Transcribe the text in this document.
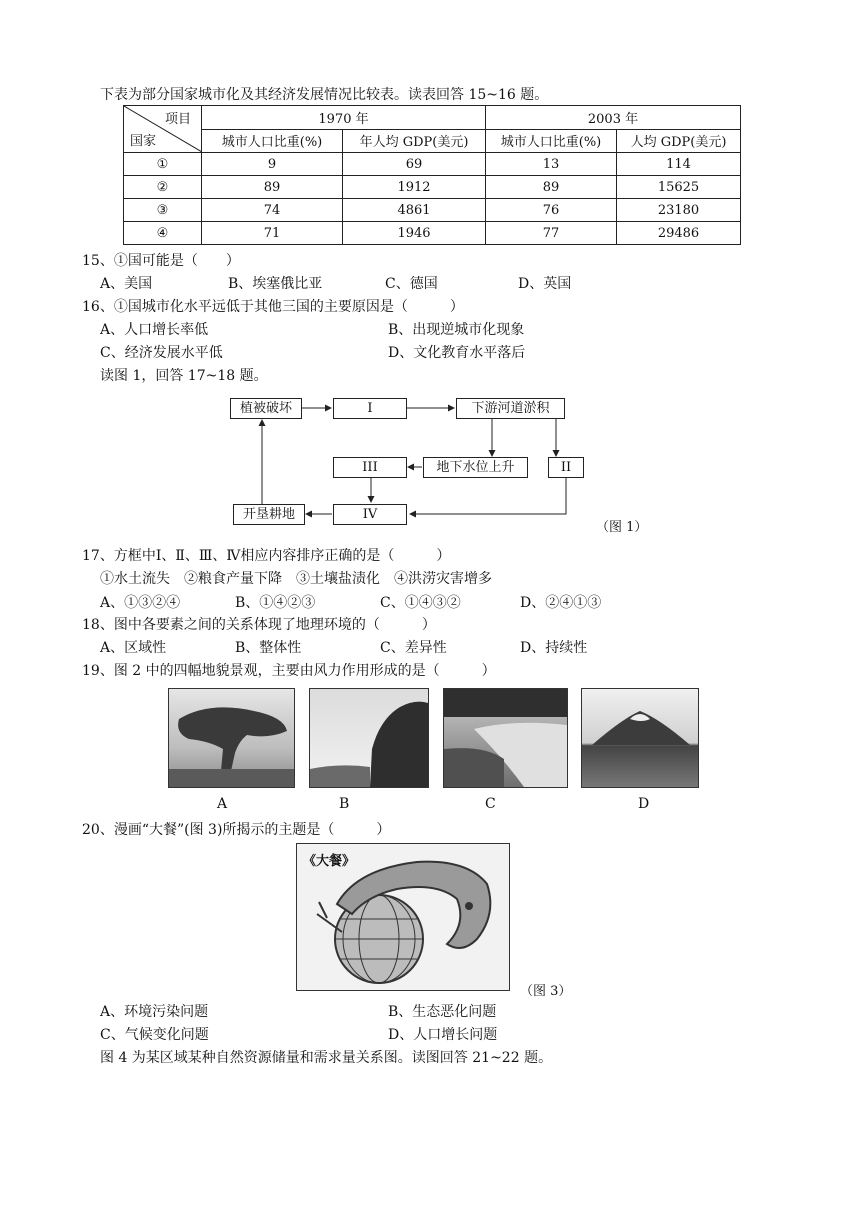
下表为部分国家城市化及其经济发展情况比较表。读表回答 15~16 题。
项目
国家	1970 年		2003 年	
	城市人口比重(%)	年人均 GDP(美元)	城市人口比重(%)	人均 GDP(美元)
①	9	69	13	114
②	89	1912	89	15625
③	74	4861	76	23180
④	71	1946	77	29486
15、①国可能是（　　）
A、美国	B、埃塞俄比亚	C、德国	D、英国
16、①国城市化水平远低于其他三国的主要原因是（　　　）
A、人口增长率低	B、出现逆城市化现象
C、经济发展水平低	D、文化教育水平落后
读图 1，回答 17~18 题。
植被破坏	I	下游河道淤积
III	地下水位上升	II
开垦耕地	IV
（图 1）
17、方框中Ⅰ、Ⅱ、Ⅲ、Ⅳ相应内容排序正确的是（　　　）
①水土流失　②粮食产量下降　③土壤盐渍化　④洪涝灾害增多
A、①③②④	B、①④②③	C、①④③②	D、②④①③
18、图中各要素之间的关系体现了地理环境的（　　　）
A、区域性	B、整体性	C、差异性	D、持续性
19、图 2 中的四幅地貌景观，主要由风力作用形成的是（　　　）
A	B	C	D
20、漫画“大餐”(图 3)所揭示的主题是（　　　）
《大餐》
（图 3）
A、环境污染问题	B、生态恶化问题
C、气候变化问题	D、人口增长问题
图 4 为某区域某种自然资源储量和需求量关系图。读图回答 21~22 题。
